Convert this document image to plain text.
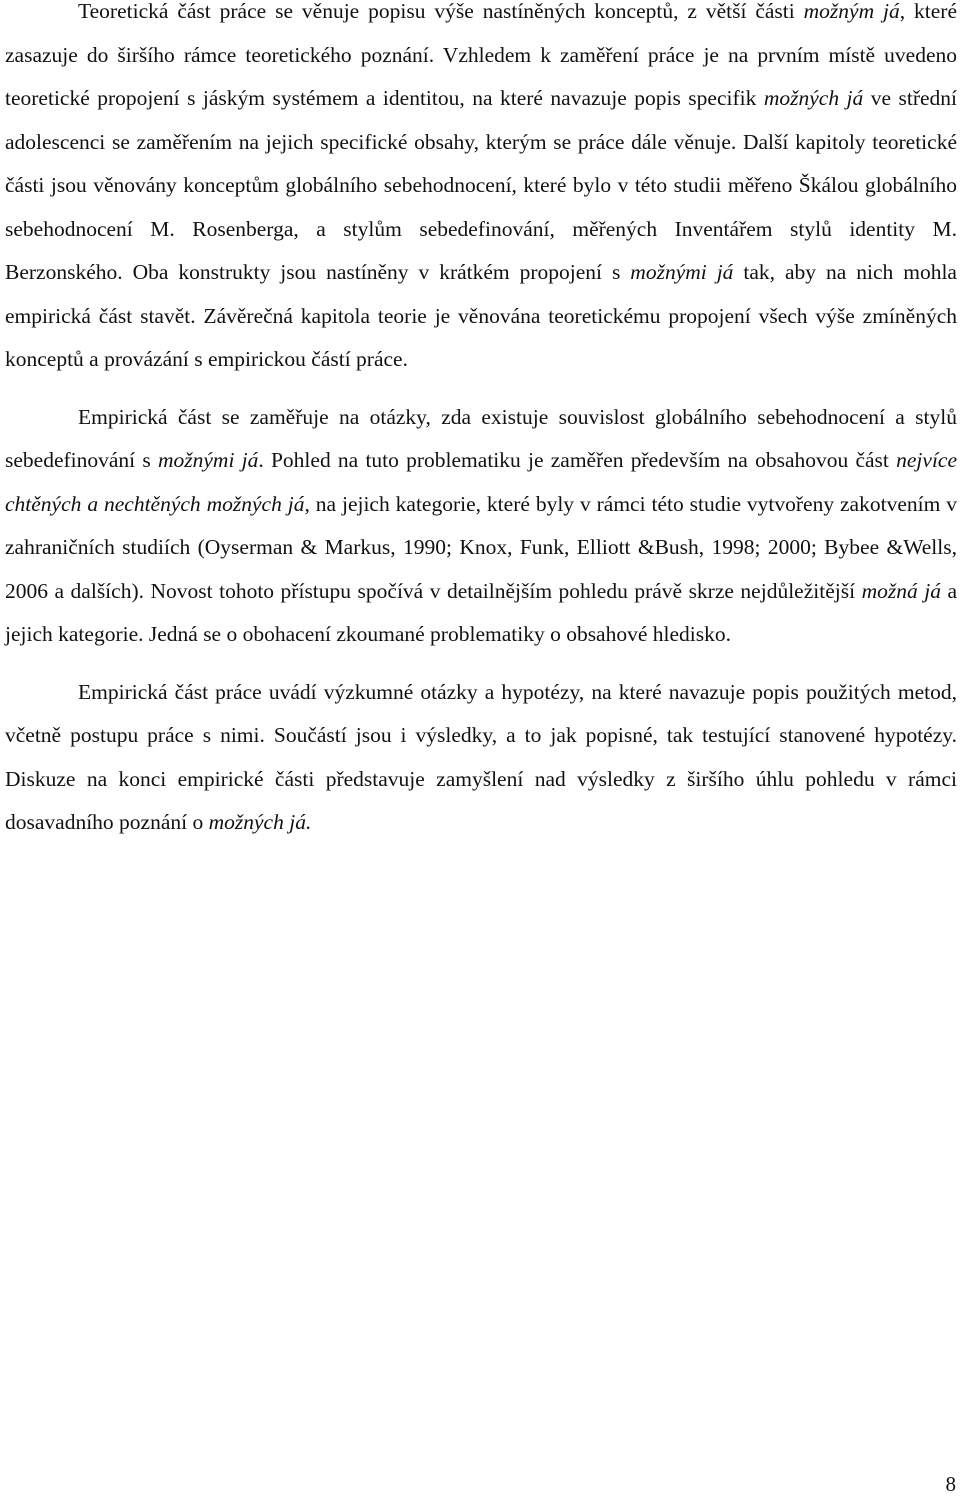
Teoretická část práce se věnuje popisu výše nastíněných konceptů, z větší části možným já, které zasazuje do širšího rámce teoretického poznání. Vzhledem k zaměření práce je na prvním místě uvedeno teoretické propojení s jáským systémem a identitou, na které navazuje popis specifik možných já ve střední adolescenci se zaměřením na jejich specifické obsahy, kterým se práce dále věnuje. Další kapitoly teoretické části jsou věnovány konceptům globálního sebehodnocení, které bylo v této studii měřeno Škálou globálního sebehodnocení M. Rosenberga, a stylům sebedefinování, měřených Inventářem stylů identity M. Berzonského. Oba konstrukty jsou nastíněny v krátkém propojení s možnými já tak, aby na nich mohla empirická část stavět. Závěrečná kapitola teorie je věnována teoretickému propojení všech výše zmíněných konceptů a provázání s empirickou částí práce.

Empirická část se zaměřuje na otázky, zda existuje souvislost globálního sebehodnocení a stylů sebedefinování s možnými já. Pohled na tuto problematiku je zaměřen především na obsahovou část nejvíce chtěných a nechtěných možných já, na jejich kategorie, které byly v rámci této studie vytvořeny zakotvením v zahraničních studiích (Oyserman & Markus, 1990; Knox, Funk, Elliott &Bush, 1998; 2000; Bybee &Wells, 2006 a dalších). Novost tohoto přístupu spočívá v detailnějším pohledu právě skrze nejdůležitější možná já a jejich kategorie. Jedná se o obohacení zkoumané problematiky o obsahové hledisko.

Empirická část práce uvádí výzkumné otázky a hypotézy, na které navazuje popis použitých metod, včetně postupu práce s nimi. Součástí jsou i výsledky, a to jak popisné, tak testující stanovené hypotézy. Diskuze na konci empirické části představuje zamyšlení nad výsledky z širšího úhlu pohledu v rámci dosavadního poznání o možných já.

8
